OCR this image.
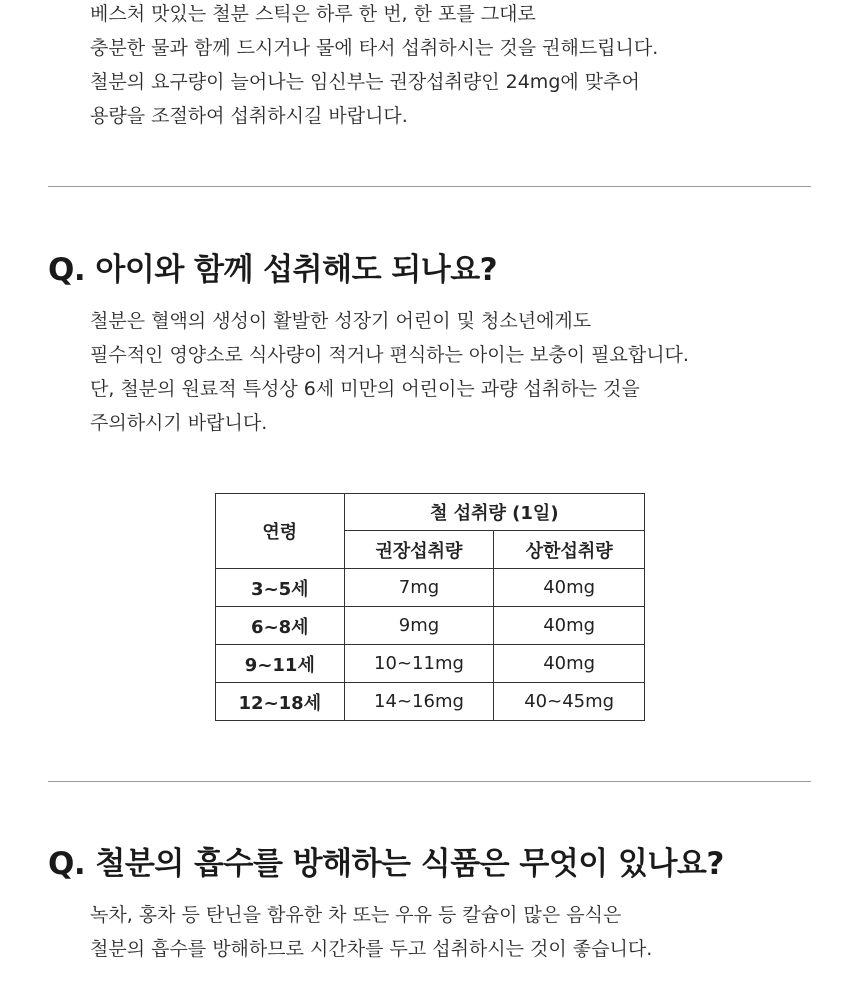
베스처 맛있는 철분 스틱은 하루 한 번, 한 포를 그대로

충분한 물과 함께 드시거나 물에 타서 섭취하시는 것을 권해드립니다.

철분의 요구량이 늘어나는 임신부는 권장섭취량인 24mg에 맞추어

용량을 조절하여 섭취하시길 바랍니다.

Q. 아이와 함께 섭취해도 되나요?

철분은 혈액의 생성이 활발한 성장기 어린이 및 청소년에게도

필수적인 영양소로 식사량이 적거나 편식하는 아이는 보충이 필요합니다.

단, 철분의 원료적 특성상 6세 미만의 어린이는 과량 섭취하는 것을

주의하시기 바랍니다.

연령	철 섭취량 (1일)	
	권장섭취량	상한섭취량
3~5세	7mg	40mg
6~8세	9mg	40mg
9~11세	10~11mg	40mg
12~18세	14~16mg	40~45mg
Q. 철분의 흡수를 방해하는 식품은 무엇이 있나요?

녹차, 홍차 등 탄닌을 함유한 차 또는 우유 등 칼슘이 많은 음식은

철분의 흡수를 방해하므로 시간차를 두고 섭취하시는 것이 좋습니다.
